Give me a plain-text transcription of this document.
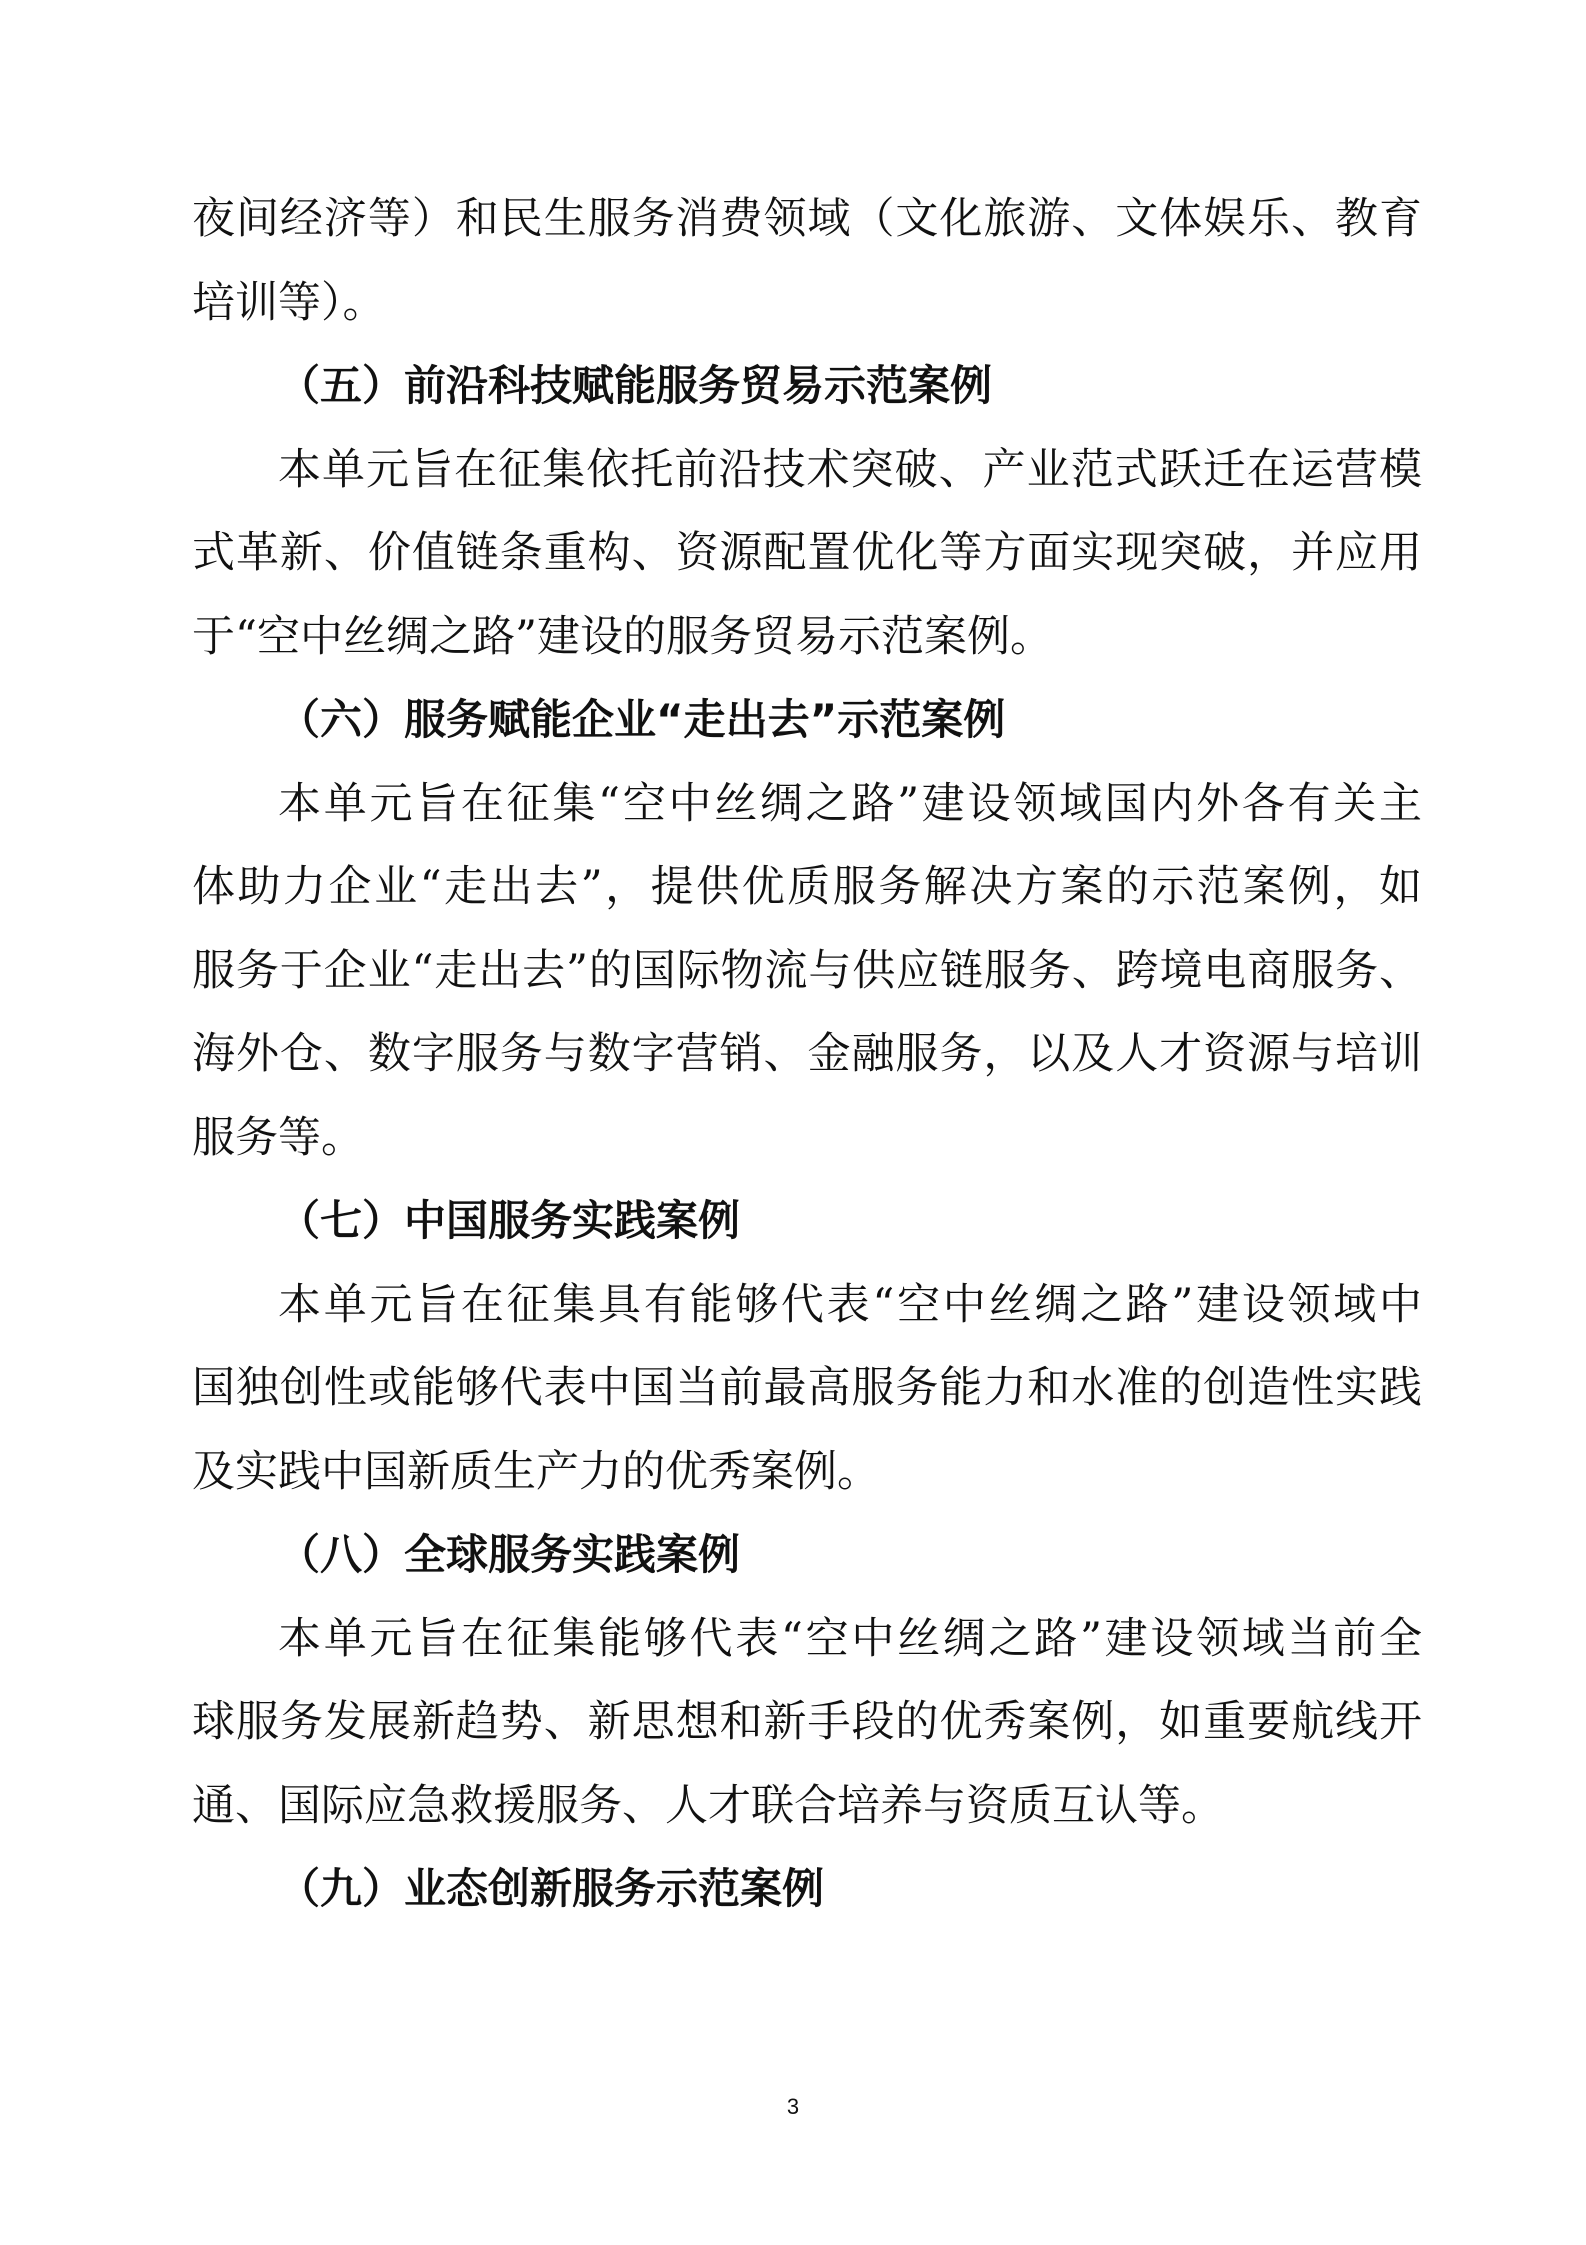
夜间经济等）和民生服务消费领域（文化旅游、文体娱乐、教育
培训等）。
（五）前沿科技赋能服务贸易示范案例
本单元旨在征集依托前沿技术突破、产业范式跃迁在运营模
式革新、价值链条重构、资源配置优化等方面实现突破，并应用
于“空中丝绸之路”建设的服务贸易示范案例。
（六）服务赋能企业“走出去”示范案例
本单元旨在征集“空中丝绸之路”建设领域国内外各有关主
体助力企业“走出去”，提供优质服务解决方案的示范案例，如
服务于企业“走出去”的国际物流与供应链服务、跨境电商服务、
海外仓、数字服务与数字营销、金融服务，以及人才资源与培训
服务等。
（七）中国服务实践案例
本单元旨在征集具有能够代表“空中丝绸之路”建设领域中
国独创性或能够代表中国当前最高服务能力和水准的创造性实践
及实践中国新质生产力的优秀案例。
（八）全球服务实践案例
本单元旨在征集能够代表“空中丝绸之路”建设领域当前全
球服务发展新趋势、新思想和新手段的优秀案例，如重要航线开
通、国际应急救援服务、人才联合培养与资质互认等。
（九）业态创新服务示范案例
3
